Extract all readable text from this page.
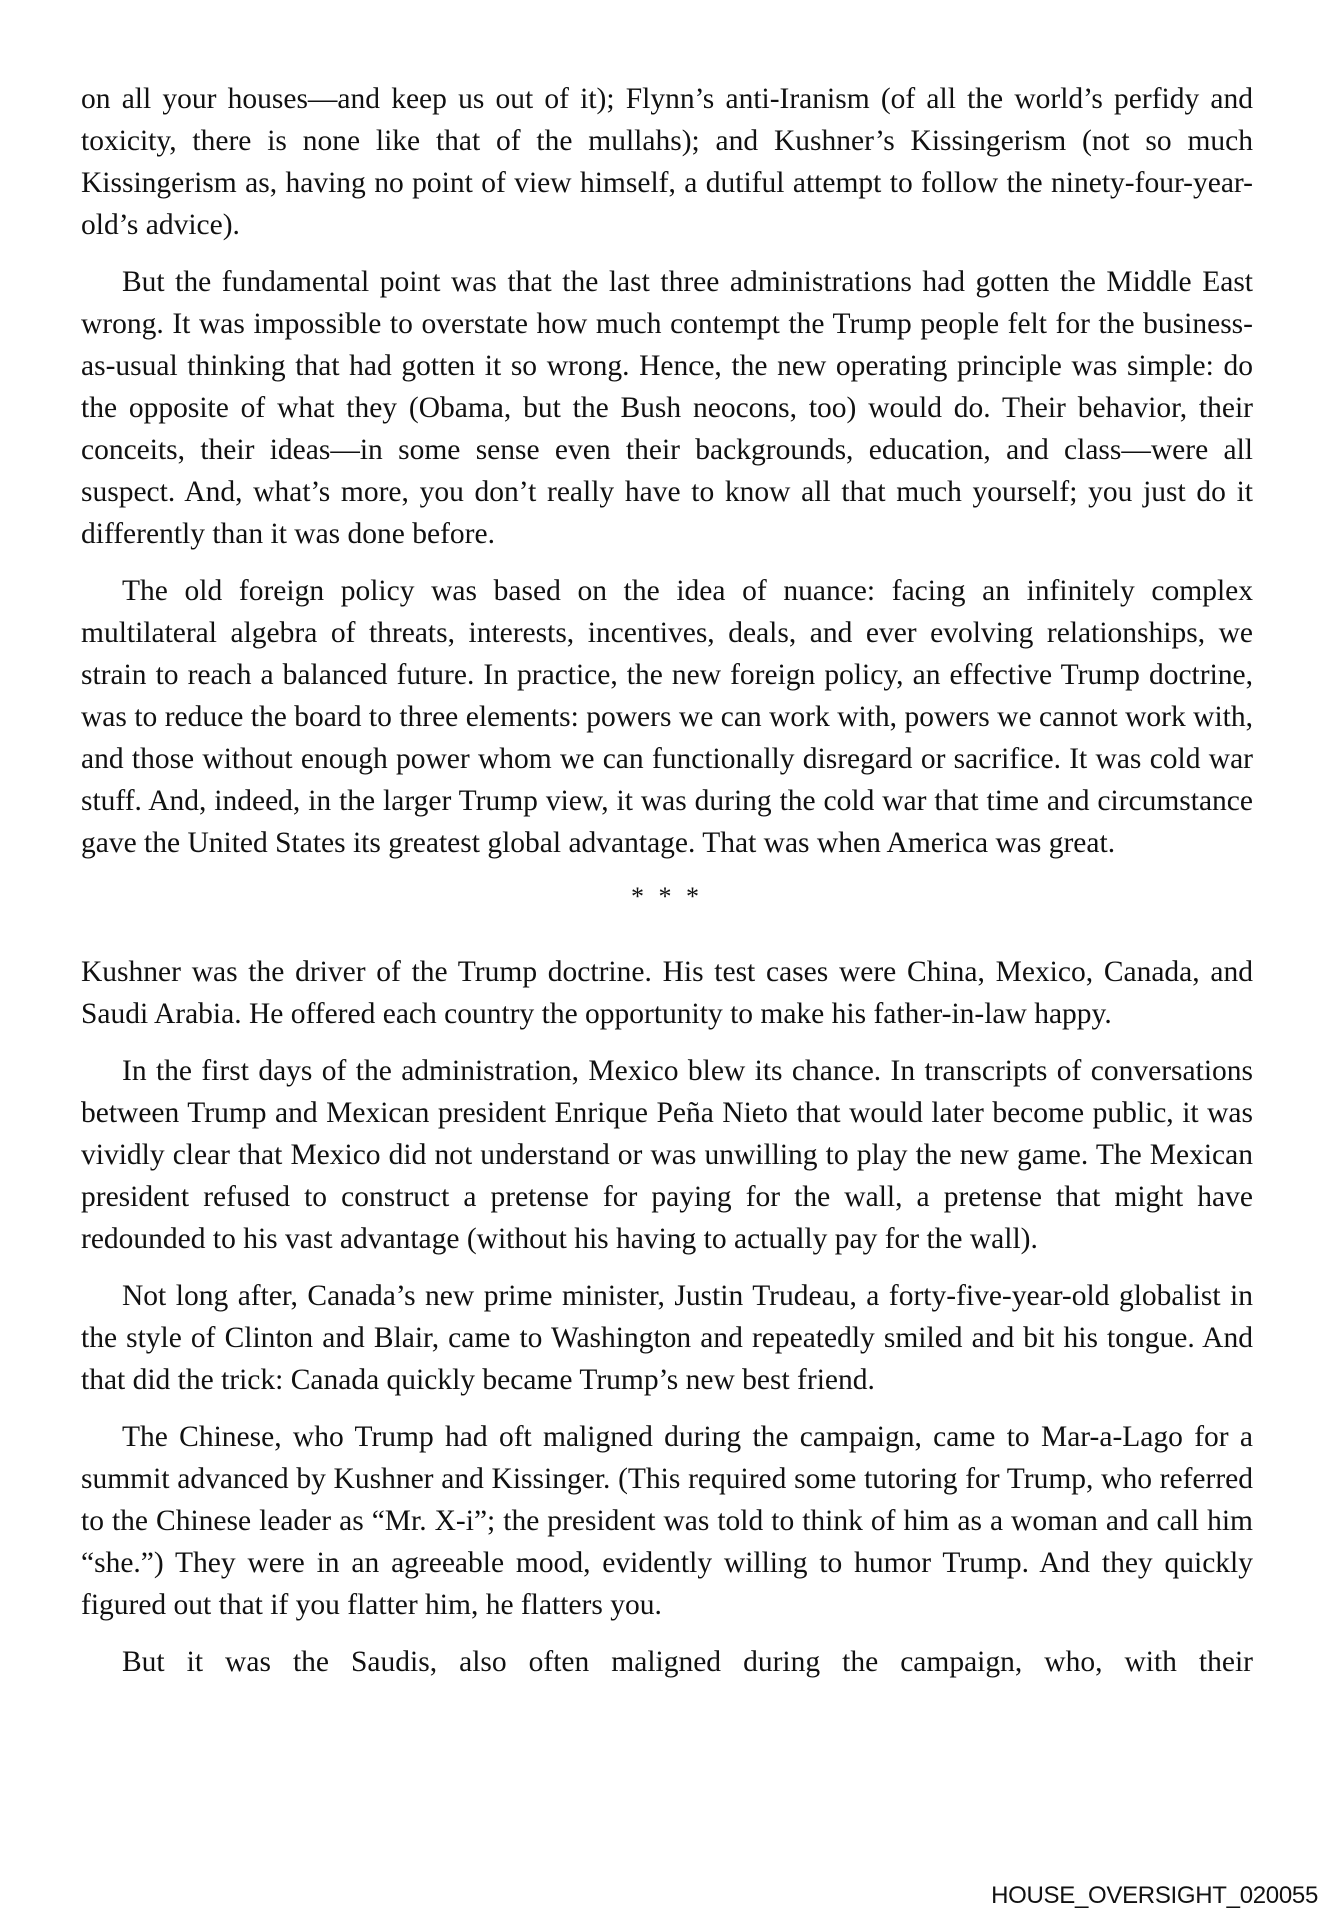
on all your houses—and keep us out of it); Flynn’s anti-Iranism (of all the world’s perfidy and toxicity, there is none like that of the mullahs); and Kushner’s Kissingerism (not so much Kissingerism as, having no point of view himself, a dutiful attempt to follow the ninety-four-year-old’s advice).

But the fundamental point was that the last three administrations had gotten the Middle East wrong. It was impossible to overstate how much contempt the Trump people felt for the business-as-usual thinking that had gotten it so wrong. Hence, the new operating principle was simple: do the opposite of what they (Obama, but the Bush neocons, too) would do. Their behavior, their conceits, their ideas—in some sense even their backgrounds, education, and class—were all suspect. And, what’s more, you don’t really have to know all that much yourself; you just do it differently than it was done before.

The old foreign policy was based on the idea of nuance: facing an infinitely complex multilateral algebra of threats, interests, incentives, deals, and ever evolving relationships, we strain to reach a balanced future. In practice, the new foreign policy, an effective Trump doctrine, was to reduce the board to three elements: powers we can work with, powers we cannot work with, and those without enough power whom we can functionally disregard or sacrifice. It was cold war stuff. And, indeed, in the larger Trump view, it was during the cold war that time and circumstance gave the United States its greatest global advantage. That was when America was great.

* * *

Kushner was the driver of the Trump doctrine. His test cases were China, Mexico, Canada, and Saudi Arabia. He offered each country the opportunity to make his father-in-law happy.

In the first days of the administration, Mexico blew its chance. In transcripts of conversations between Trump and Mexican president Enrique Peña Nieto that would later become public, it was vividly clear that Mexico did not understand or was unwilling to play the new game. The Mexican president refused to construct a pretense for paying for the wall, a pretense that might have redounded to his vast advantage (without his having to actually pay for the wall).

Not long after, Canada’s new prime minister, Justin Trudeau, a forty-five-year-old globalist in the style of Clinton and Blair, came to Washington and repeatedly smiled and bit his tongue. And that did the trick: Canada quickly became Trump’s new best friend.

The Chinese, who Trump had oft maligned during the campaign, came to Mar-a-Lago for a summit advanced by Kushner and Kissinger. (This required some tutoring for Trump, who referred to the Chinese leader as “Mr. X-i”; the president was told to think of him as a woman and call him “she.”) They were in an agreeable mood, evidently willing to humor Trump. And they quickly figured out that if you flatter him, he flatters you.

But it was the Saudis, also often maligned during the campaign, who, with their

HOUSE_OVERSIGHT_020055
